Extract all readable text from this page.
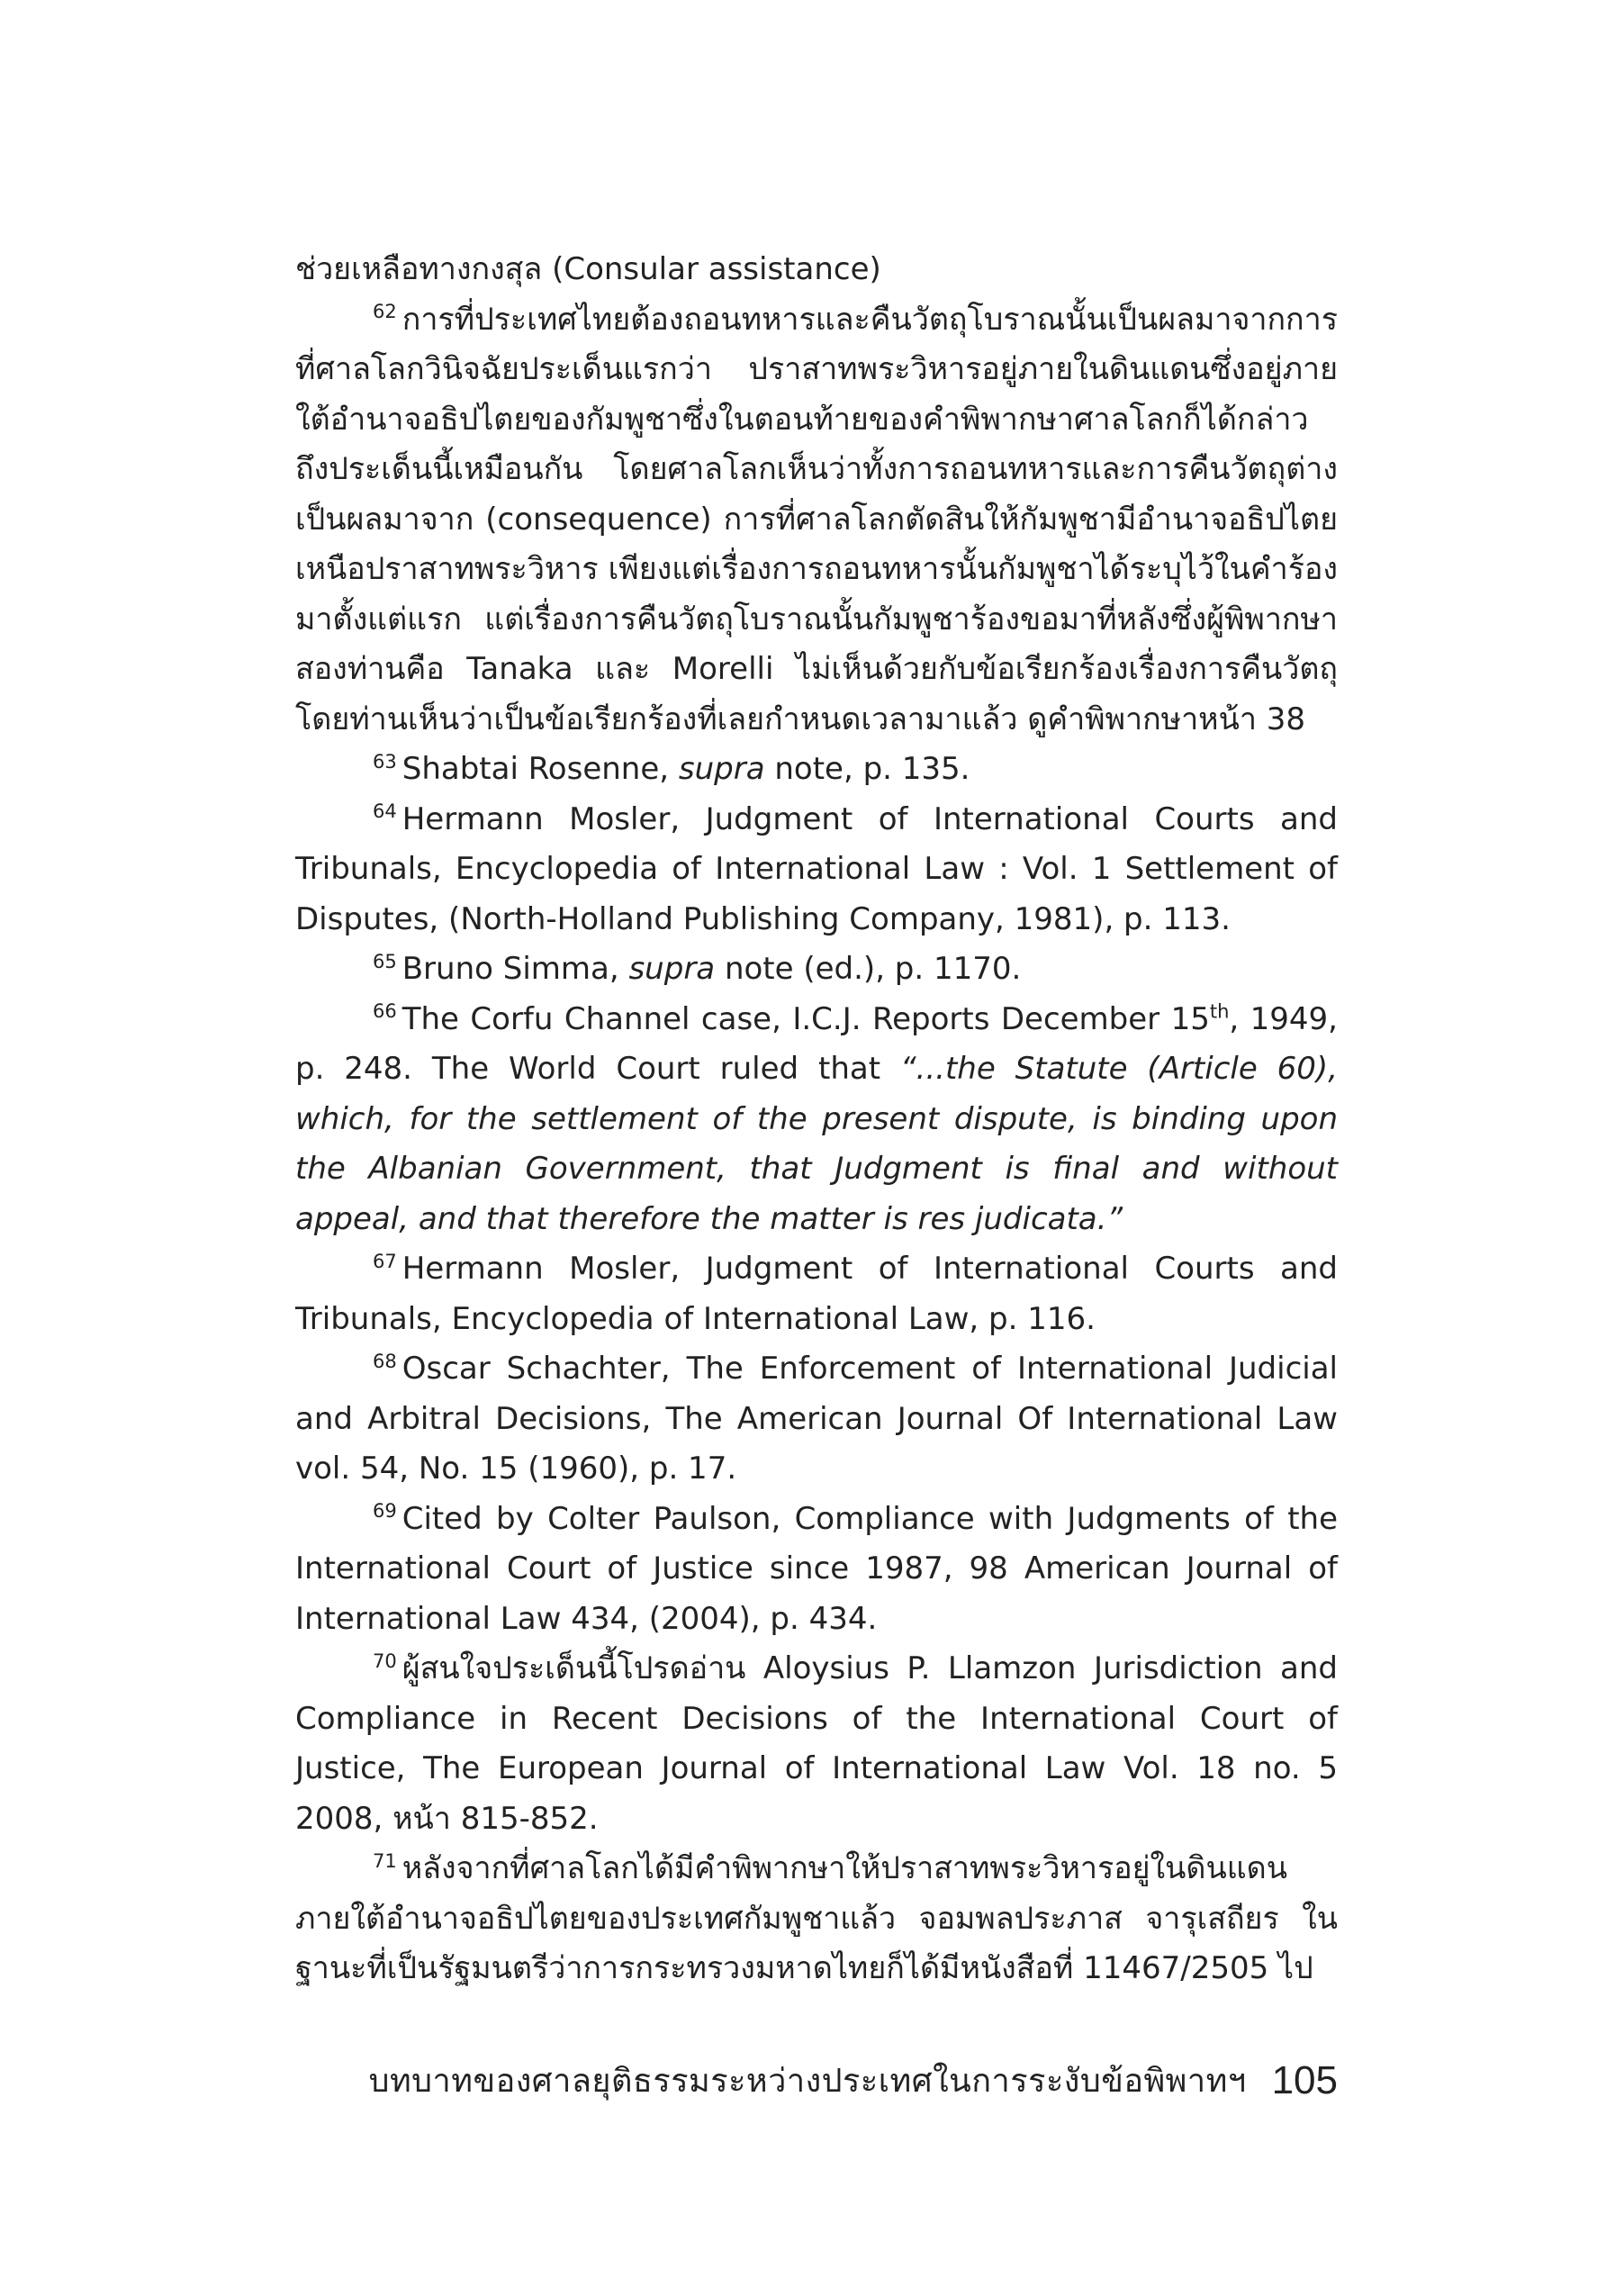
ช่วยเหลือทางกงสุล (Consular assistance)

$^{62}$ การที่ประเทศไทยต้องถอนทหารและคืนวัตถุโบราณนั้นเป็นผลมาจากการที่ศาลโลกวินิจฉัยประเด็นแรกว่า ปราสาทพระวิหารอยู่ภายในดินแดนซึ่งอยู่ภายใต้อำนาจอธิปไตยของกัมพูชาซึ่งในตอนท้ายของคำพิพากษาศาลโลกก็ได้กล่าวถึงประเด็นนี้เหมือนกัน โดยศาลโลกเห็นว่าทั้งการถอนทหารและการคืนวัตถุต่างเป็นผลมาจาก (consequence) การที่ศาลโลกตัดสินให้กัมพูชามีอำนาจอธิปไตยเหนือปราสาทพระวิหาร เพียงแต่เรื่องการถอนทหารนั้นกัมพูชาได้ระบุไว้ในคำร้องมาตั้งแต่แรก แต่เรื่องการคืนวัตถุโบราณนั้นกัมพูชาร้องขอมาที่หลังซึ่งผู้พิพากษาสองท่านคือ Tanaka และ Morelli ไม่เห็นด้วยกับข้อเรียกร้องเรื่องการคืนวัตถุโดยท่านเห็นว่าเป็นข้อเรียกร้องที่เลยกำหนดเวลามาแล้ว ดูคำพิพากษาหน้า 38

$^{63}$ Shabtai Rosenne, supra note, p. 135.

$^{64}$ Hermann Mosler, Judgment of International Courts and Tribunals, Encyclopedia of International Law : Vol. 1 Settlement of Disputes, (North-Holland Publishing Company, 1981), p. 113.

$^{65}$ Bruno Simma, supra note (ed.), p. 1170.

$^{66}$ The Corfu Channel case, I.C.J. Reports December 15th, 1949, p. 248. The World Court ruled that “...the Statute (Article 60), which, for the settlement of the present dispute, is binding upon the Albanian Government, that Judgment is final and without appeal, and that therefore the matter is res judicata.”

$^{67}$ Hermann Mosler, Judgment of International Courts and Tribunals, Encyclopedia of International Law, p. 116.

$^{68}$ Oscar Schachter, The Enforcement of International Judicial and Arbitral Decisions, The American Journal Of International Law vol. 54, No. 15 (1960), p. 17.

$^{69}$ Cited by Colter Paulson, Compliance with Judgments of the International Court of Justice since 1987, 98 American Journal of International Law 434, (2004), p. 434.

$^{70}$ ผู้สนใจประเด็นนี้โปรดอ่าน Aloysius P. Llamzon Jurisdiction and Compliance in Recent Decisions of the International Court of Justice, The European Journal of International Law Vol. 18 no. 5 2008, หน้า 815-852.

$^{71}$ หลังจากที่ศาลโลกได้มีคำพิพากษาให้ปราสาทพระวิหารอยู่ในดินแดนภายใต้อำนาจอธิปไตยของประเทศกัมพูชาแล้ว จอมพลประภาส จารุเสถียร ในฐานะที่เป็นรัฐมนตรีว่าการกระทรวงมหาดไทยก็ได้มีหนังสือที่ 11467/2505 ไป

บทบาทของศาลยุติธรรมระหว่างประเทศในการระงับข้อพิพาทฯ 105
